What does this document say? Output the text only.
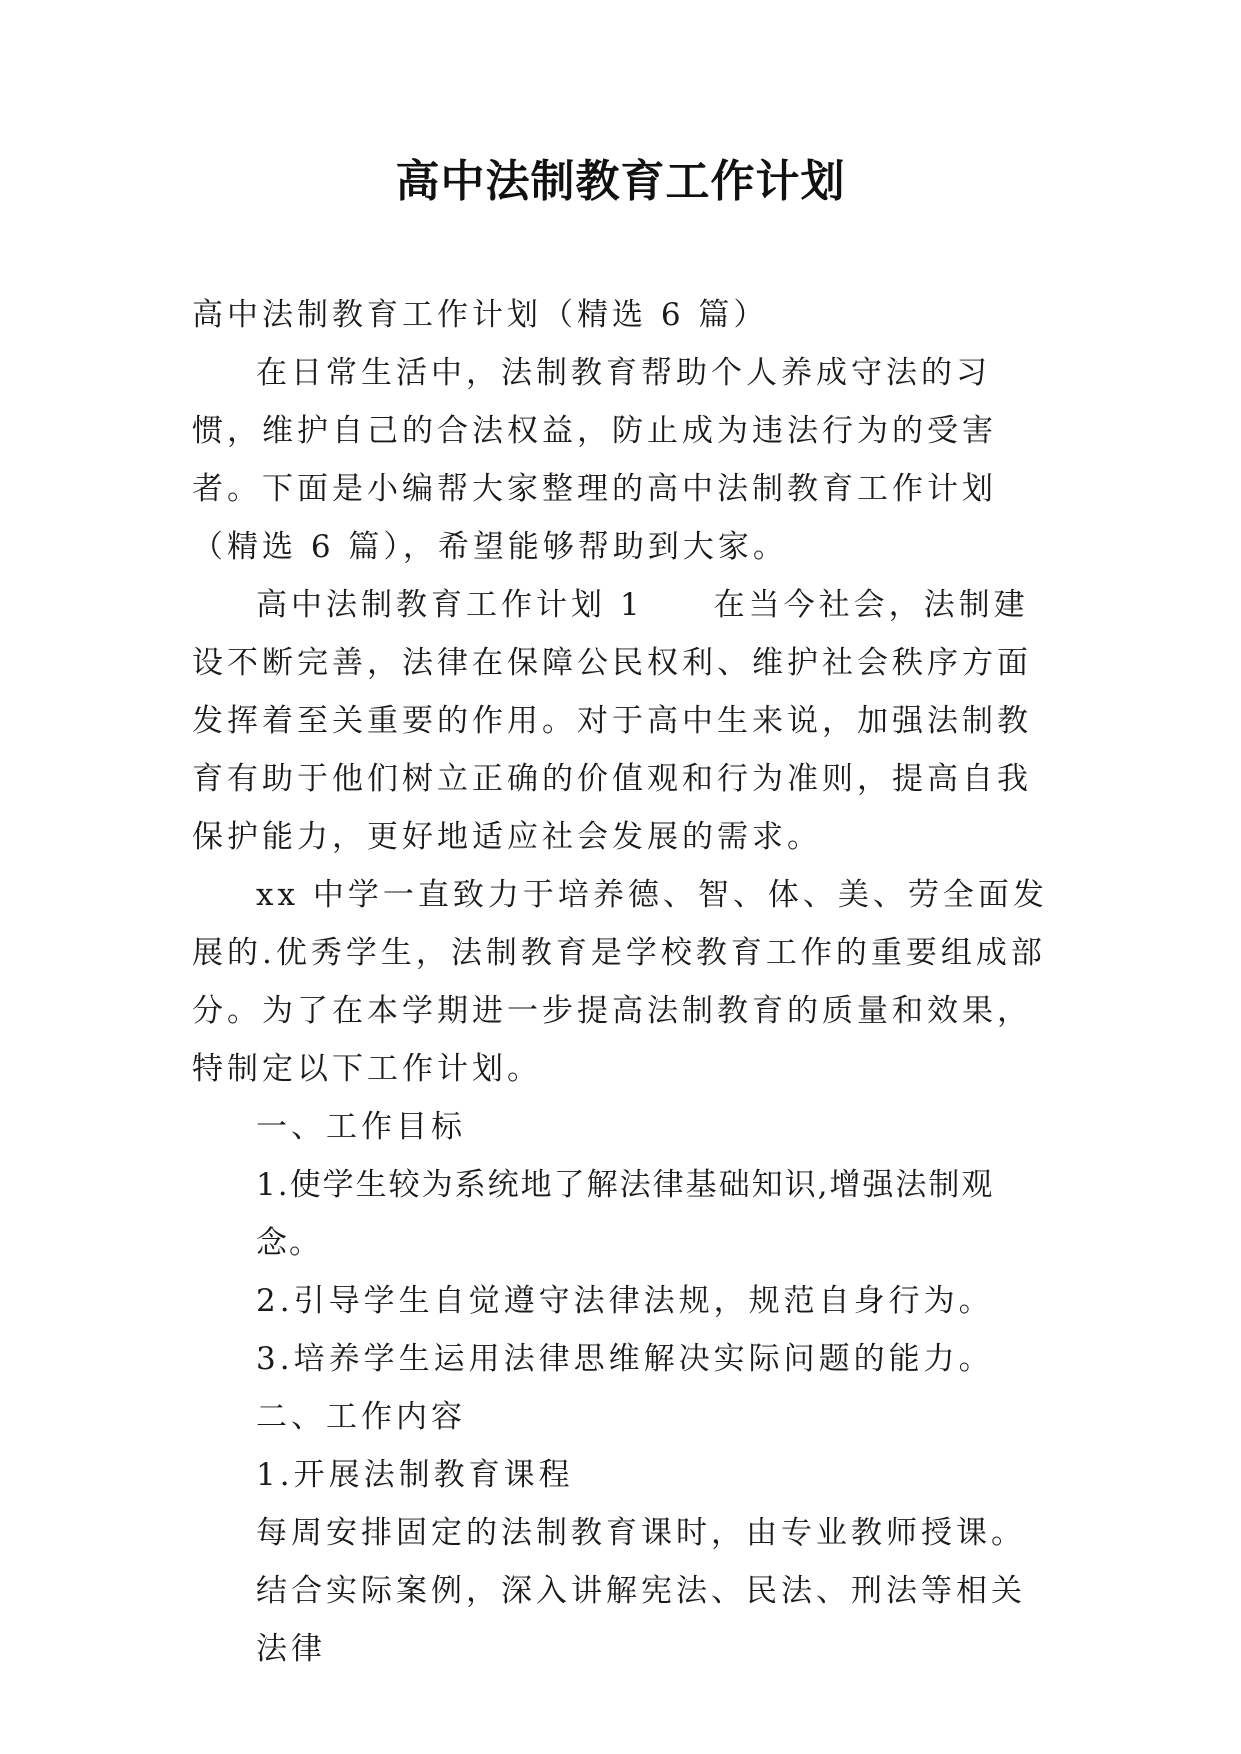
高中法制教育工作计划

高中法制教育工作计划（精选 6 篇）

在日常生活中，法制教育帮助个人养成守法的习惯，维护自己的合法权益，防止成为违法行为的受害者。下面是小编帮大家整理的高中法制教育工作计划（精选 6 篇），希望能够帮助到大家。

高中法制教育工作计划 1 在当今社会，法制建设不断完善，法律在保障公民权利、维护社会秩序方面发挥着至关重要的作用。对于高中生来说，加强法制教育有助于他们树立正确的价值观和行为准则，提高自我保护能力，更好地适应社会发展的需求。

xx 中学一直致力于培养德、智、体、美、劳全面发展的.优秀学生，法制教育是学校教育工作的重要组成部分。为了在本学期进一步提高法制教育的质量和效果，特制定以下工作计划。

一、工作目标

1.使学生较为系统地了解法律基础知识,增强法制观念。

2.引导学生自觉遵守法律法规，规范自身行为。

3.培养学生运用法律思维解决实际问题的能力。

二、工作内容

1.开展法制教育课程

每周安排固定的法制教育课时，由专业教师授课。

结合实际案例，深入讲解宪法、民法、刑法等相关法律
